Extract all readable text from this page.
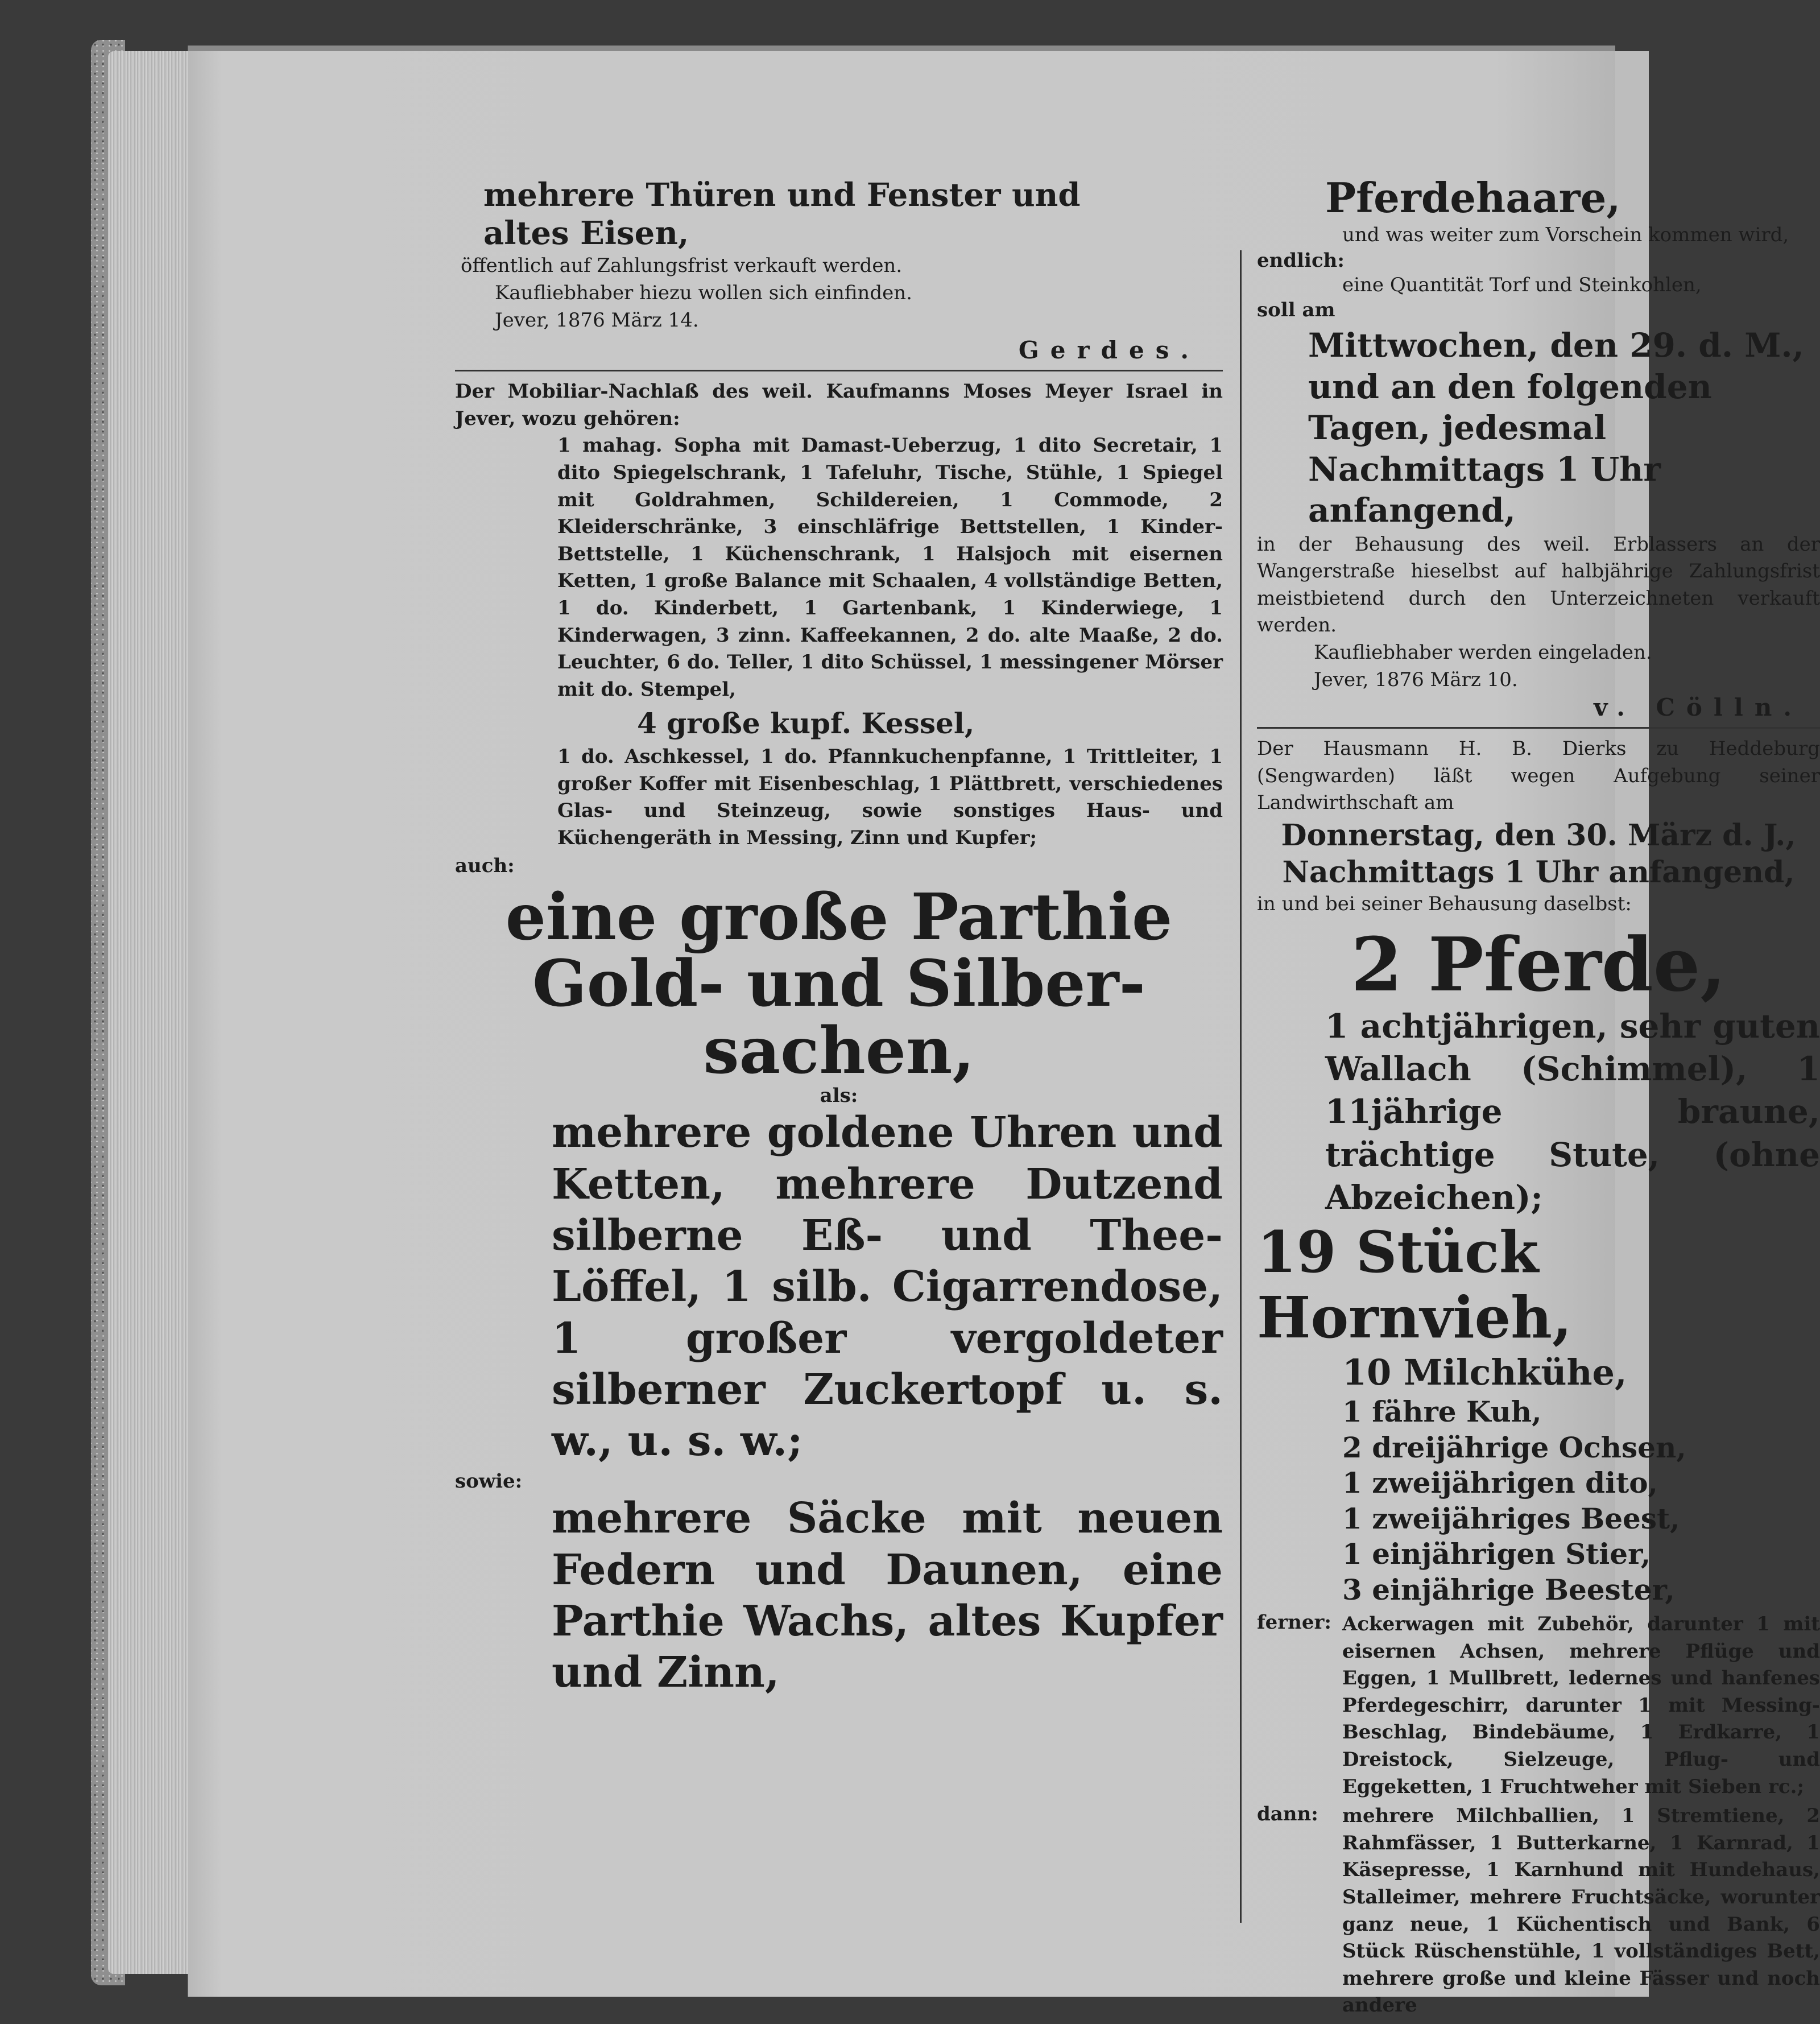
mehrere Thüren und Fenster und

altes Eisen,

öffentlich auf Zahlungsfrist verkauft werden.

Kaufliebhaber hiezu wollen sich einfinden.

Jever, 1876 März 14.

Gerdes.

Der Mobiliar-Nachlaß des weil. Kaufmanns Moses Meyer Israel in Jever, wozu gehören:

1 mahag. Sopha mit Damast-Ueberzug, 1 dito Secretair, 1 dito Spiegelschrank, 1 Tafeluhr, Tische, Stühle, 1 Spiegel mit Goldrahmen, Schildereien, 1 Commode, 2 Kleiderschränke, 3 einschläfrige Bettstellen, 1 Kinder-Bettstelle, 1 Küchenschrank, 1 Halsjoch mit eisernen Ketten, 1 große Balance mit Schaalen, 4 vollständige Betten, 1 do. Kinderbett, 1 Gartenbank, 1 Kinderwiege, 1 Kinderwagen, 3 zinn. Kaffeekannen, 2 do. alte Maaße, 2 do. Leuchter, 6 do. Teller, 1 dito Schüssel, 1 messingener Mörser mit do. Stempel,

4 große kupf. Kessel,

1 do. Aschkessel, 1 do. Pfannkuchenpfanne, 1 Trittleiter, 1 großer Koffer mit Eisenbeschlag, 1 Plättbrett, verschiedenes Glas- und Steinzeug, sowie sonstiges Haus- und Küchengeräth in Messing, Zinn und Kupfer;

auch:

eine große Parthie

Gold- und Silber-

sachen,

als:

mehrere goldene Uhren und Ketten, mehrere Dutzend silberne Eß- und Thee-Löffel, 1 silb. Cigarrendose, 1 großer vergoldeter silberner Zuckertopf u. s. w., u. s. w.;

sowie:

mehrere Säcke mit neuen Federn und Daunen, eine Parthie Wachs, altes Kupfer und Zinn,

Pferdehaare,

und was weiter zum Vorschein kommen wird,

endlich:

eine Quantität Torf und Steinkohlen,

soll am

Mittwochen, den 29. d. M., und an den folgenden Tagen, jedesmal Nachmittags 1 Uhr anfangend,

in der Behausung des weil. Erblassers an der Wangerstraße hieselbst auf halbjährige Zahlungsfrist meistbietend durch den Unterzeichneten verkauft werden.

Kaufliebhaber werden eingeladen.

Jever, 1876 März 10.

v. Cölln.

Der Hausmann H. B. Dierks zu Heddeburg (Sengwarden) läßt wegen Aufgebung seiner Landwirthschaft am

Donnerstag, den 30. März d. J., Nachmittags 1 Uhr anfangend,

in und bei seiner Behausung daselbst:

2 Pferde,

1 achtjährigen, sehr guten Wallach (Schimmel), 1 11jährige braune, trächtige Stute, (ohne Abzeichen);

19 Stück Hornvieh,

10 Milchkühe,

1 fähre Kuh,

2 dreijährige Ochsen,

1 zweijährigen dito,

1 zweijähriges Beest,

1 einjährigen Stier,

3 einjährige Beester,

ferner: Ackerwagen mit Zubehör, darunter 1 mit eisernen Achsen, mehrere Pflüge und Eggen, 1 Mullbrett, ledernes und hanfenes Pferdegeschirr, darunter 1 mit Messing-Beschlag, Bindebäume, 1 Erdkarre, 1 Dreistock, Sielzeuge, Pflug- und Eggeketten, 1 Fruchtweher mit Sieben rc.;

dann:	mehrere Milchballien, 1 Stremtiene, 2 Rahmfässer, 1 Butterkarne, 1 Karnrad, 1 Käsepresse, 1 Karnhund mit Hundehaus, Stalleimer, mehrere Fruchtsäcke, worunter ganz neue, 1 Küchentisch und Bank, 6 Stück Rüschenstühle, 1 vollständiges Bett, mehrere große und kleine Fässer und noch andere
